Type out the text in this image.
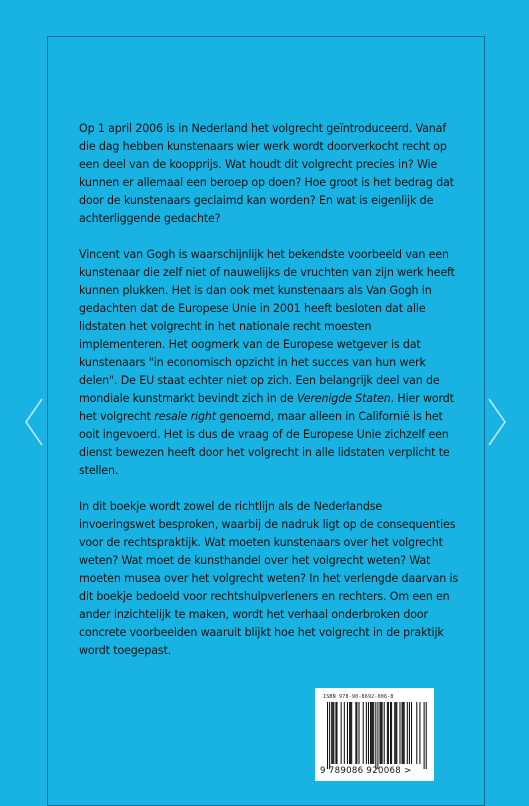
Op 1 april 2006 is in Nederland het volgrecht geïntroduceerd. Vanaf die dag hebben kunstenaars wier werk wordt doorverkocht recht op een deel van de koopprijs. Wat houdt dit volgrecht precies in? Wie kunnen er allemaal een beroep op doen? Hoe groot is het bedrag dat door de kunstenaars geclaimd kan worden? En wat is eigenlijk de achterliggende gedachte?

Vincent van Gogh is waarschijnlijk het bekendste voorbeeld van een kunstenaar die zelf niet of nauwelijks de vruchten van zijn werk heeft kunnen plukken. Het is dan ook met kunstenaars als Van Gogh in gedachten dat de Europese Unie in 2001 heeft besloten dat alle lidstaten het volgrecht in het nationale recht moesten implementeren. Het oogmerk van de Europese wetgever is dat kunstenaars "in economisch opzicht in het succes van hun werk delen". De EU staat echter niet op zich. Een belangrijk deel van de mondiale kunstmarkt bevindt zich in de Verenigde Staten. Hier wordt het volgrecht resale right genoemd, maar alleen in Californië is het ooit ingevoerd. Het is dus de vraag of de Europese Unie zichzelf een dienst bewezen heeft door het volgrecht in alle lidstaten verplicht te stellen.

In dit boekje wordt zowel de richtlijn als de Nederlandse invoeringswet besproken, waarbij de nadruk ligt op de consequenties voor de rechtspraktijk. Wat moeten kunstenaars over het volgrecht weten? Wat moet de kunsthandel over het volgrecht weten? Wat moeten musea over het volgrecht weten? In het verlengde daarvan is dit boekje bedoeld voor rechtshulpverleners en rechters. Om een en ander inzichtelijk te maken, wordt het verhaal onderbroken door concrete voorbeelden waaruit blijkt hoe het volgrecht in de praktijk wordt toegepast.

ISBN 978-90-8692-006-8
9 789086 920068 >
